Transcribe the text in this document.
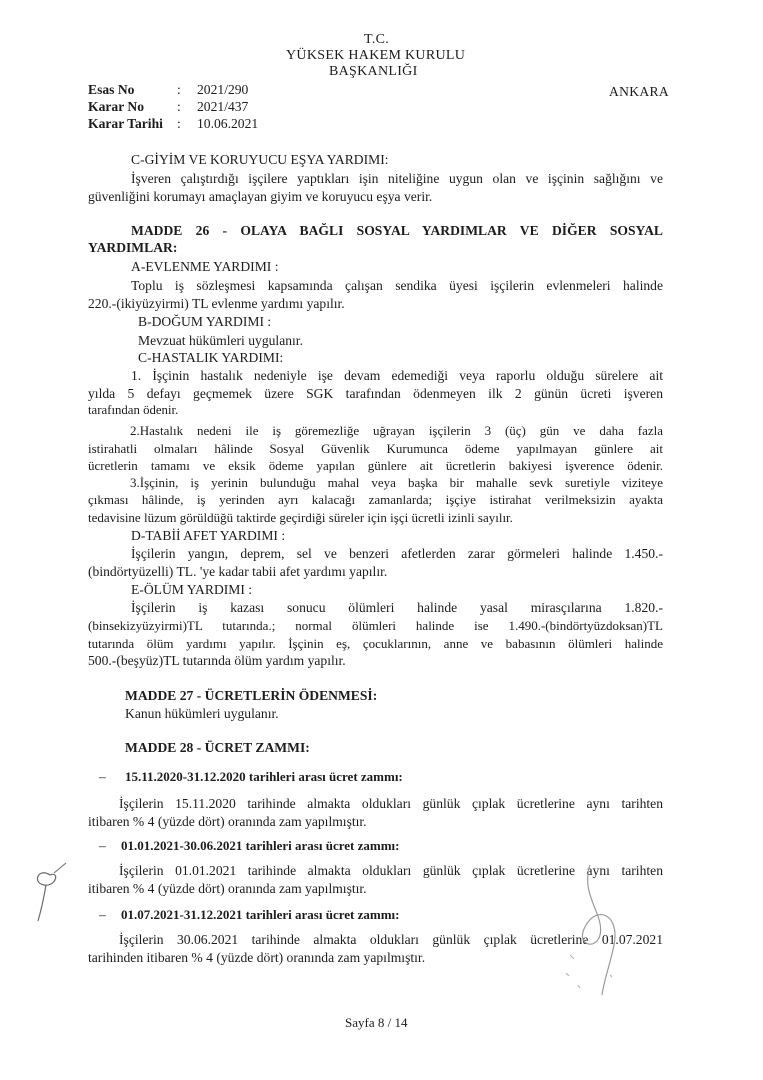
T.C.
YÜKSEK HAKEM KURULU
BAŞKANLIĞI
ANKARA
Esas No	: 2021/290
Karar No : 2021/437
Karar Tarihi : 10.06.2021
C-GİYİM VE KORUYUCU EŞYA YARDIMI:
İşveren çalıştırdığı işçilere yaptıkları işin niteliğine uygun olan ve işçinin sağlığını ve
güvenliğini korumayı amaçlayan giyim ve koruyucu eşya verir.
MADDE 26 - OLAYA BAĞLI SOSYAL YARDIMLAR VE DİĞER SOSYAL
YARDIMLAR:
A-EVLENME YARDIMI :
Toplu iş sözleşmesi kapsamında çalışan sendika üyesi işçilerin evlenmeleri halinde
220.-(ikiyüzyirmi) TL evlenme yardımı yapılır.
B-DOĞUM YARDIMI :
Mevzuat hükümleri uygulanır.
C-HASTALIK YARDIMI:
1. İşçinin hastalık nedeniyle işe devam edemediği veya raporlu olduğu sürelere ait
yılda 5 defayı geçmemek üzere SGK tarafından ödenmeyen ilk 2 günün ücreti işveren
tarafından ödenir.
2.Hastalık nedeni ile iş göremezliğe uğrayan işçilerin 3 (üç) gün ve daha fazla
istirahatli olmaları hâlinde Sosyal Güvenlik Kurumunca ödeme yapılmayan günlere ait
ücretlerin tamamı ve eksik ödeme yapılan günlere ait ücretlerin bakiyesi işverence ödenir.
3.İşçinin, iş yerinin bulunduğu mahal veya başka bir mahalle sevk suretiyle viziteye
çıkması hâlinde, iş yerinden ayrı kalacağı zamanlarda; işçiye istirahat verilmeksizin ayakta
tedavisine lüzum görüldüğü taktirde geçirdiği süreler için işçi ücretli izinli sayılır.
D-TABİİ AFET YARDIMI :
İşçilerin yangın, deprem, sel ve benzeri afetlerden zarar görmeleri halinde 1.450.-
(bindörtyüzelli) TL. 'ye kadar tabii afet yardımı yapılır.
E-ÖLÜM YARDIMI :
İşçilerin iş kazası sonucu ölümleri halinde yasal mirasçılarına 1.820.-
(binsekizyüzyirmi)TL tutarında.; normal ölümleri halinde ise 1.490.-(bindörtyüzdoksan)TL
tutarında ölüm yardımı yapılır. İşçinin eş, çocuklarının, anne ve babasının ölümleri halinde
500.-(beşyüz)TL tutarında ölüm yardım yapılır.
MADDE 27 - ÜCRETLERİN ÖDENMESİ:
Kanun hükümleri uygulanır.
MADDE 28 - ÜCRET ZAMMI:
– 15.11.2020-31.12.2020 tarihleri arası ücret zammı:
İşçilerin 15.11.2020 tarihinde almakta oldukları günlük çıplak ücretlerine aynı tarihten
itibaren % 4 (yüzde dört) oranında zam yapılmıştır.
– 01.01.2021-30.06.2021 tarihleri arası ücret zammı:
İşçilerin 01.01.2021 tarihinde almakta oldukları günlük çıplak ücretlerine aynı tarihten
itibaren % 4 (yüzde dört) oranında zam yapılmıştır.
– 01.07.2021-31.12.2021 tarihleri arası ücret zammı:
İşçilerin 30.06.2021 tarihinde almakta oldukları günlük çıplak ücretlerine 01.07.2021
tarihinden itibaren % 4 (yüzde dört) oranında zam yapılmıştır.
Sayfa 8 / 14
